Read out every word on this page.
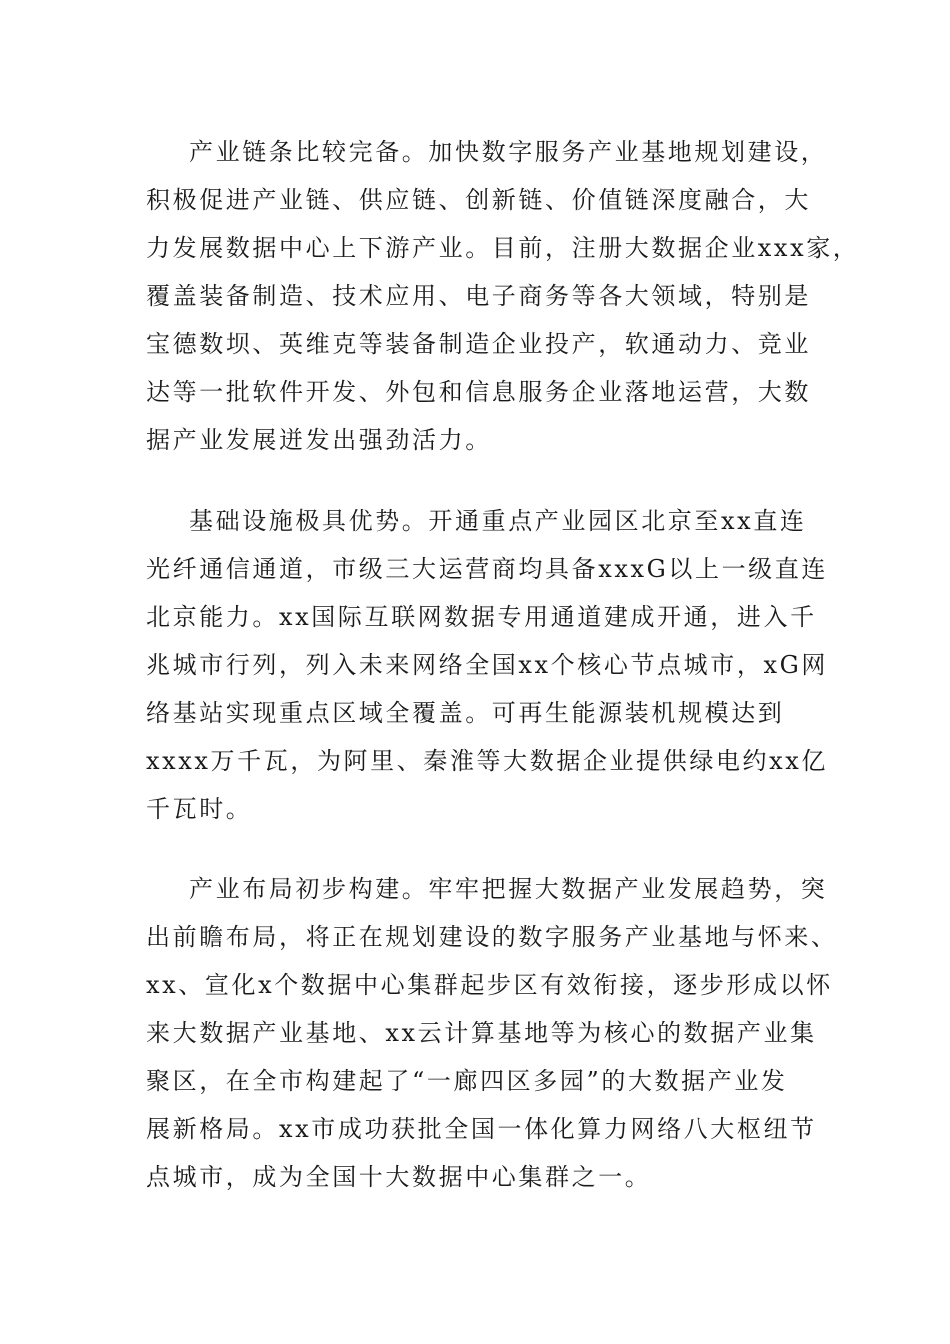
产业链条比较完备。加快数字服务产业基地规划建设，
积极促进产业链、供应链、创新链、价值链深度融合，大
力发展数据中心上下游产业。目前，注册大数据企业xxx家，
覆盖装备制造、技术应用、电子商务等各大领域，特别是
宝德数坝、英维克等装备制造企业投产，软通动力、竞业
达等一批软件开发、外包和信息服务企业落地运营，大数
据产业发展迸发出强劲活力。
基础设施极具优势。开通重点产业园区北京至xx直连
光纤通信通道，市级三大运营商均具备xxxG以上一级直连
北京能力。xx国际互联网数据专用通道建成开通，进入千
兆城市行列，列入未来网络全国xx个核心节点城市，xG网
络基站实现重点区域全覆盖。可再生能源装机规模达到
xxxx万千瓦，为阿里、秦淮等大数据企业提供绿电约xx亿
千瓦时。
产业布局初步构建。牢牢把握大数据产业发展趋势，突
出前瞻布局，将正在规划建设的数字服务产业基地与怀来、
xx、宣化x个数据中心集群起步区有效衔接，逐步形成以怀
来大数据产业基地、xx云计算基地等为核心的数据产业集
聚区，在全市构建起了“一廊四区多园”的大数据产业发
展新格局。xx市成功获批全国一体化算力网络八大枢纽节
点城市，成为全国十大数据中心集群之一。
